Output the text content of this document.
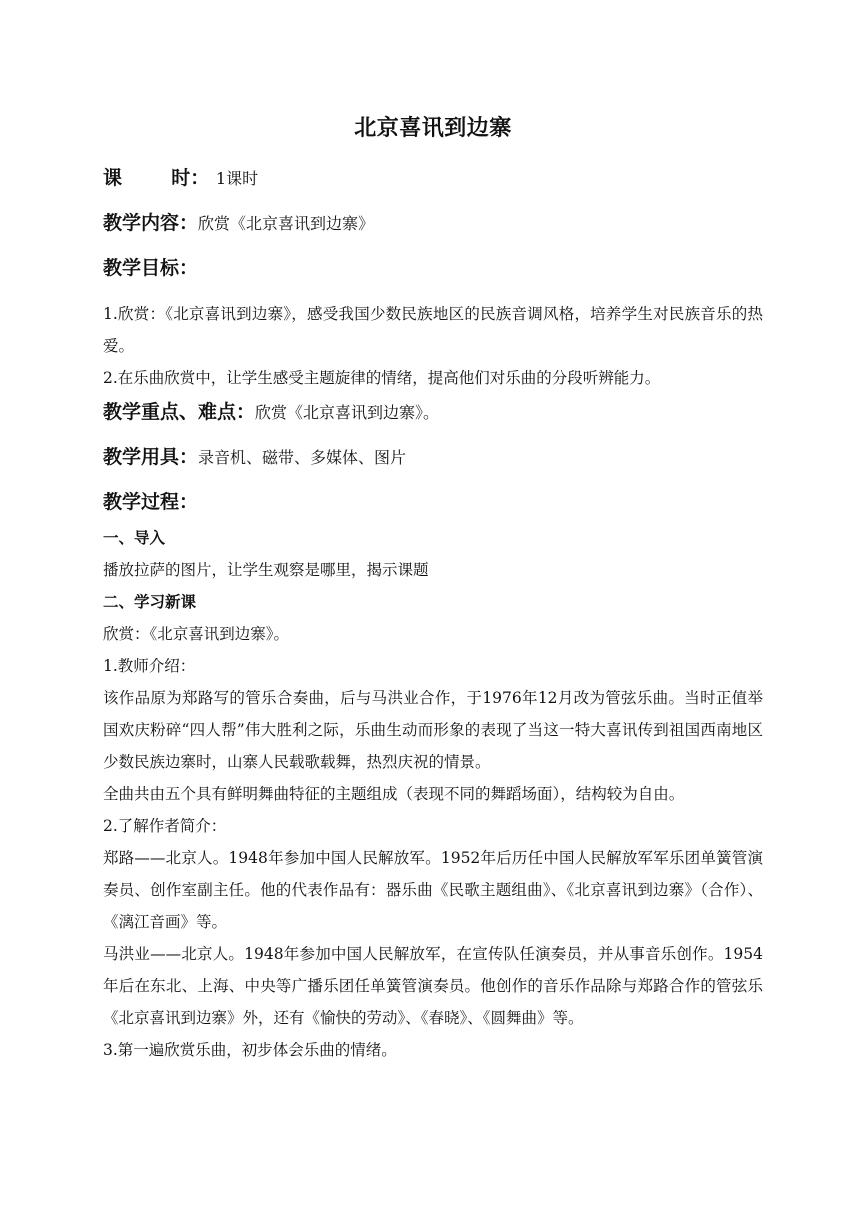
北京喜讯到边寨
课	时： 1课时
教学内容：欣赏《北京喜讯到边寨》
教学目标：

1.欣赏：《北京喜讯到边寨》，感受我国少数民族地区的民族音调风格，培养学生对民族音乐的热爱。

2.在乐曲欣赏中，让学生感受主题旋律的情绪，提高他们对乐曲的分段听辨能力。

教学重点、难点：欣赏《北京喜讯到边寨》。
教学用具：录音机、磁带、多媒体、图片
教学过程：

一、导入

播放拉萨的图片，让学生观察是哪里，揭示课题

二、学习新课

欣赏：《北京喜讯到边寨》。

1.教师介绍：

该作品原为郑路写的管乐合奏曲，后与马洪业合作，于1976年12月改为管弦乐曲。当时正值举国欢庆粉碎“四人帮”伟大胜利之际，乐曲生动而形象的表现了当这一特大喜讯传到祖国西南地区少数民族边寨时，山寨人民载歌载舞，热烈庆祝的情景。

全曲共由五个具有鲜明舞曲特征的主题组成（表现不同的舞蹈场面），结构较为自由。

2.了解作者简介：

郑路——北京人。1948年参加中国人民解放军。1952年后历任中国人民解放军军乐团单簧管演奏员、创作室副主任。他的代表作品有：器乐曲《民歌主题组曲》、《北京喜讯到边寨》（合作）、《漓江音画》等。

马洪业——北京人。1948年参加中国人民解放军，在宣传队任演奏员，并从事音乐创作。1954年后在东北、上海、中央等广播乐团任单簧管演奏员。他创作的音乐作品除与郑路合作的管弦乐《北京喜讯到边寨》外，还有《愉快的劳动》、《春晓》、《圆舞曲》等。

3.第一遍欣赏乐曲，初步体会乐曲的情绪。
